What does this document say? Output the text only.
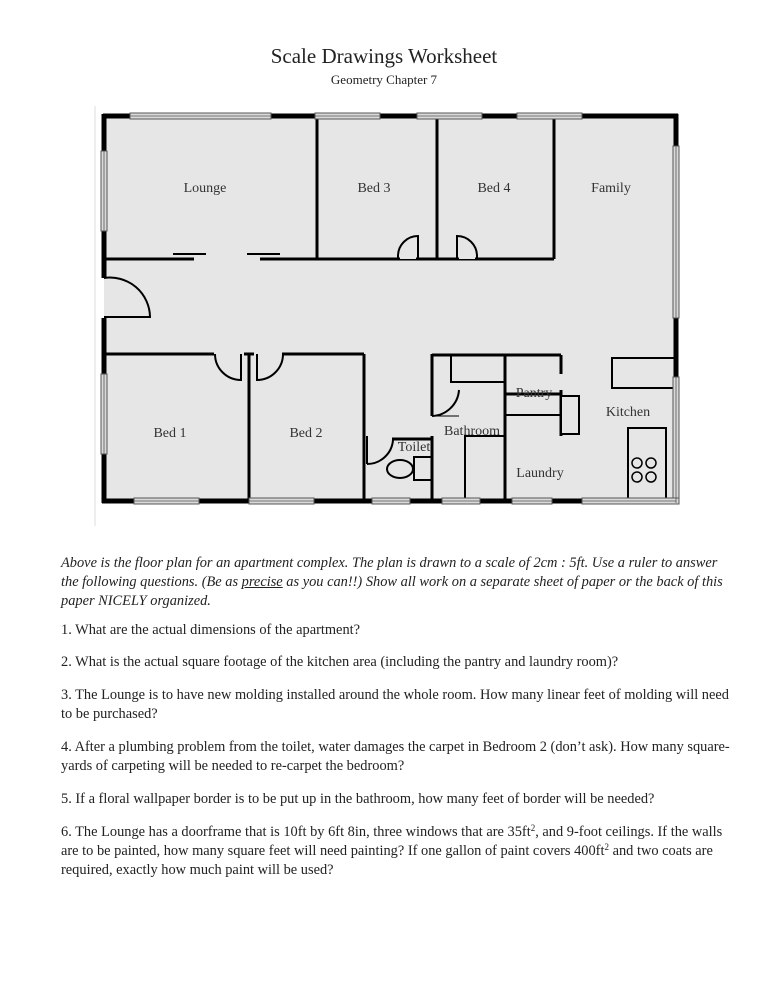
Scale Drawings Worksheet
Geometry Chapter 7
Lounge	Bed 3	Bed 4	Family
Bed 1	Bed 2
Toilet
Bathroom
Pantry
Laundry
Kitchen
Above is the floor plan for an apartment complex. The plan is drawn to a scale of 2cm : 5ft. Use a ruler to answer the following questions. (Be as precise as you can!!) Show all work on a separate sheet of paper or the back of this paper NICELY organized.
1. What are the actual dimensions of the apartment?
2. What is the actual square footage of the kitchen area (including the pantry and laundry room)?
3. The Lounge is to have new molding installed around the whole room. How many linear feet of molding will need to be purchased?
4. After a plumbing problem from the toilet, water damages the carpet in Bedroom 2 (don’t ask). How many square-yards of carpeting will be needed to re-carpet the bedroom?
5. If a floral wallpaper border is to be put up in the bathroom, how many feet of border will be needed?
6. The Lounge has a doorframe that is 10ft by 6ft 8in, three windows that are $35ft^2$, and 9-foot ceilings. If the walls are to be painted, how many square feet will need painting? If one gallon of paint covers $400ft^2$ and two coats are required, exactly how much paint will be used?
